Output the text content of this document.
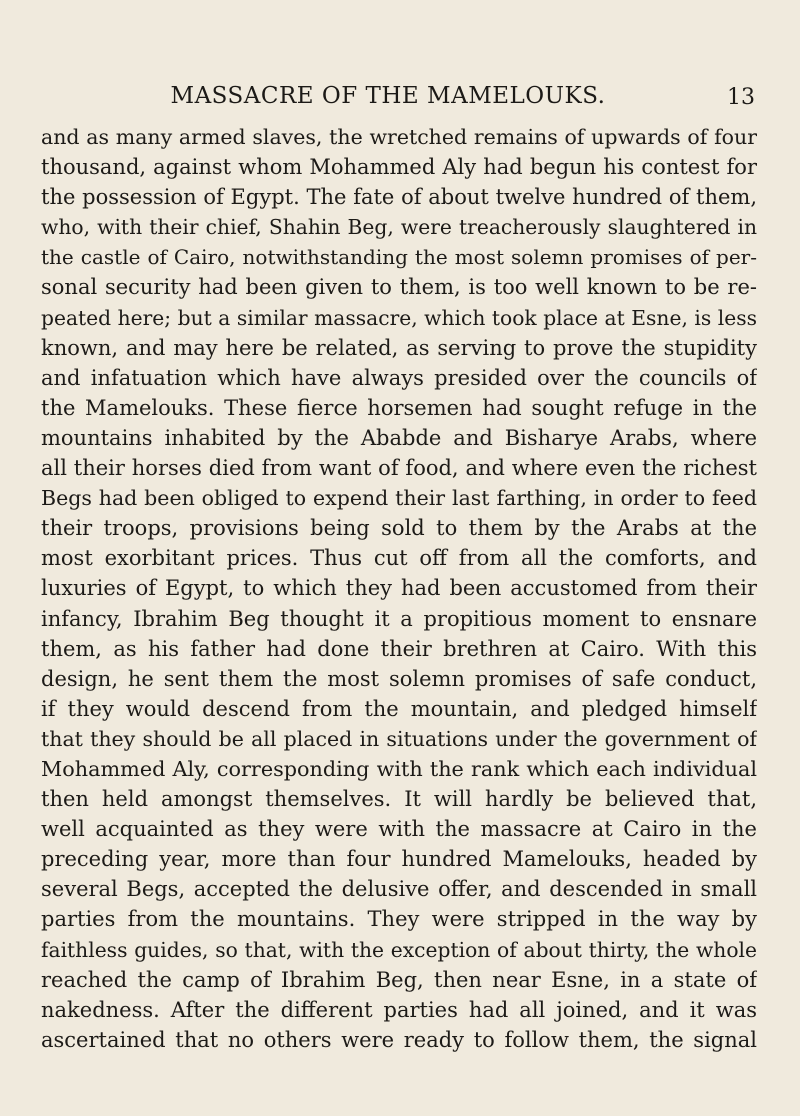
MASSACRE OF THE MAMELOUKS.	13
and as many armed slaves, the wretched remains of upwards of four
thousand, against whom Mohammed Aly had begun his contest for
the possession of Egypt. The fate of about twelve hundred of them,
who, with their chief, Shahin Beg, were treacherously slaughtered in
the castle of Cairo, notwithstanding the most solemn promises of per-
sonal security had been given to them, is too well known to be re-
peated here; but a similar massacre, which took place at Esne, is less
known, and may here be related, as serving to prove the stupidity
and infatuation which have always presided over the councils of
the Mamelouks. These fierce horsemen had sought refuge in the
mountains inhabited by the Ababde and Bisharye Arabs, where
all their horses died from want of food, and where even the richest
Begs had been obliged to expend their last farthing, in order to feed
their troops, provisions being sold to them by the Arabs at the
most exorbitant prices. Thus cut off from all the comforts, and
luxuries of Egypt, to which they had been accustomed from their
infancy, Ibrahim Beg thought it a propitious moment to ensnare
them, as his father had done their brethren at Cairo. With this
design, he sent them the most solemn promises of safe conduct,
if they would descend from the mountain, and pledged himself
that they should be all placed in situations under the government of
Mohammed Aly, corresponding with the rank which each individual
then held amongst themselves. It will hardly be believed that,
well acquainted as they were with the massacre at Cairo in the
preceding year, more than four hundred Mamelouks, headed by
several Begs, accepted the delusive offer, and descended in small
parties from the mountains. They were stripped in the way by
faithless guides, so that, with the exception of about thirty, the whole
reached the camp of Ibrahim Beg, then near Esne, in a state of
nakedness. After the different parties had all joined, and it was
ascertained that no others were ready to follow them, the signal
